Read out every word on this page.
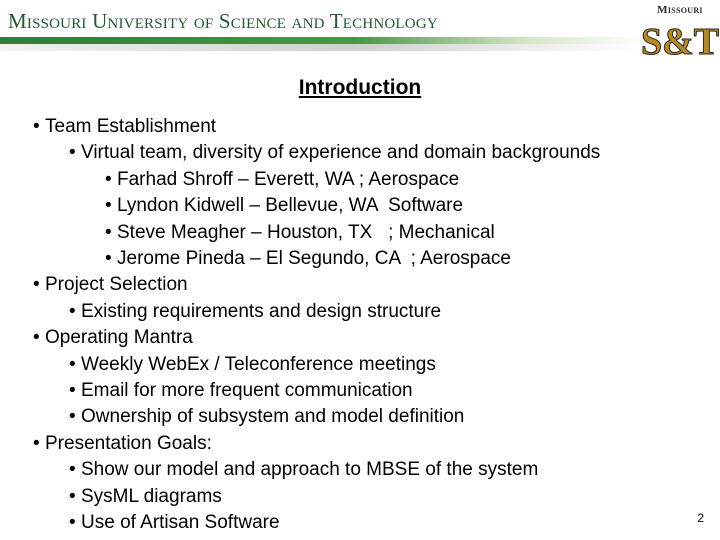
Missouri University of Science and Technology	Missouri
S&T
Introduction
• Team Establishment
• Virtual team, diversity of experience and domain backgrounds
• Farhad Shroff – Everett, WA ; Aerospace
• Lyndon Kidwell – Bellevue, WA  Software
• Steve Meagher – Houston, TX   ; Mechanical
• Jerome Pineda – El Segundo, CA  ; Aerospace
• Project Selection
• Existing requirements and design structure
• Operating Mantra
• Weekly WebEx / Teleconference meetings
• Email for more frequent communication
• Ownership of subsystem and model definition
• Presentation Goals:
• Show our model and approach to MBSE of the system
• SysML diagrams
• Use of Artisan Software	2
